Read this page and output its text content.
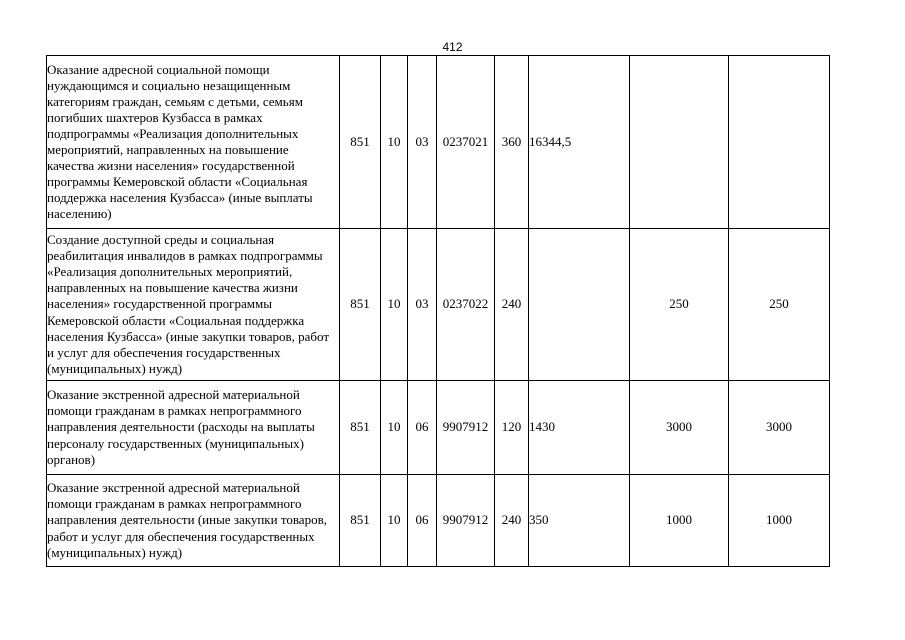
412
Оказание адресной социальной помощи нуждающимся и социально незащищенным категориям граждан, семьям с детьми, семьям погибших шахтеров Кузбасса в рамках подпрограммы «Реализация дополнительных мероприятий, направленных на повышение качества жизни населения» государственной программы Кемеровской области «Социальная поддержка населения Кузбасса» (иные выплаты населению)	851	10	03	0237021	360	16344,5		
Создание доступной среды и социальная реабилитация инвалидов в рамках подпрограммы «Реализация дополнительных мероприятий, направленных на повышение качества жизни населения» государственной программы Кемеровской области «Социальная поддержка населения Кузбасса» (иные закупки товаров, работ и услуг для обеспечения государственных (муниципальных) нужд)	851	10	03	0237022	240		250	250
Оказание экстренной адресной материальной помощи гражданам в рамках непрограммного направления деятельности (расходы на выплаты персоналу государственных (муниципальных) органов)	851	10	06	9907912	120	1430	3000	3000
Оказание экстренной адресной материальной помощи гражданам в рамках непрограммного направления деятельности (иные закупки товаров, работ и услуг для обеспечения государственных (муниципальных) нужд)	851	10	06	9907912	240	350	1000	1000
